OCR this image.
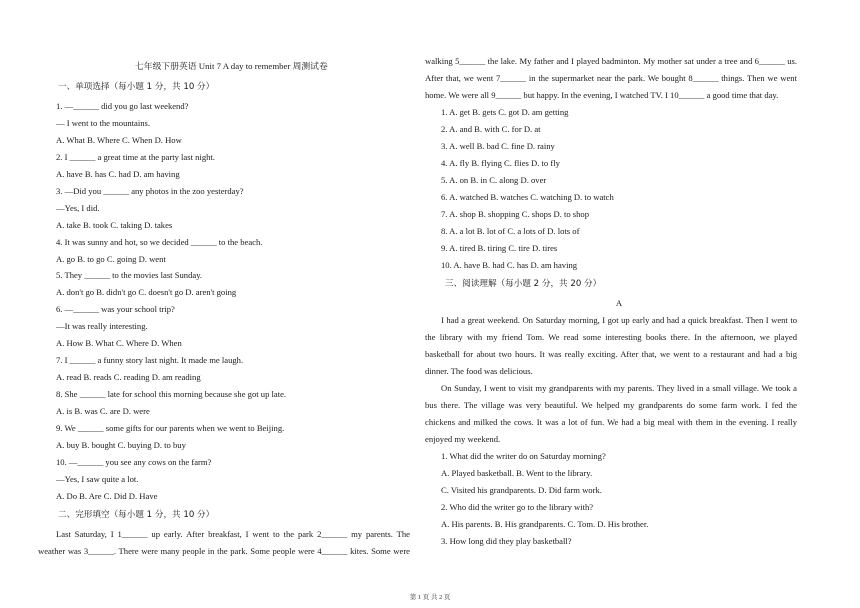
七年级下册英语 Unit 7 A day to remember 周测试卷
一、单项选择（每小题 1 分，共 10 分）
1. —______ did you go last weekend?
— I went to the mountains.
A. What B. Where C. When D. How
2. I ______ a great time at the party last night.
A. have B. has C. had D. am having
3. —Did you ______ any photos in the zoo yesterday?
—Yes, I did.
A. take B. took C. taking D. takes
4. It was sunny and hot, so we decided ______ to the beach.
A. go B. to go C. going D. went
5. They ______ to the movies last Sunday.
A. don't go B. didn't go C. doesn't go D. aren't going
6. —______ was your school trip?
—It was really interesting.
A. How B. What C. Where D. When
7. I ______ a funny story last night. It made me laugh.
A. read B. reads C. reading D. am reading
8. She ______ late for school this morning because she got up late.
A. is B. was C. are D. were
9. We ______ some gifts for our parents when we went to Beijing.
A. buy B. bought C. buying D. to buy
10. —______ you see any cows on the farm?
—Yes, I saw quite a lot.
A. Do B. Are C. Did D. Have
二、完形填空（每小题 1 分，共 10 分）
Last Saturday, I 1______ up early. After breakfast, I went to the park 2______ my parents. The
weather was 3______. There were many people in the park. Some people were 4______ kites. Some were
walking 5______ the lake. My father and I played badminton. My mother sat under a tree and 6______ us.
After that, we went 7______ in the supermarket near the park. We bought 8______ things. Then we went
home. We were all 9______ but happy. In the evening, I watched TV. I 10______ a good time that day.
1. A. get B. gets C. got D. am getting
2. A. and B. with C. for D. at
3. A. well B. bad C. fine D. rainy
4. A. fly B. flying C. flies D. to fly
5. A. on B. in C. along D. over
6. A. watched B. watches C. watching D. to watch
7. A. shop B. shopping C. shops D. to shop
8. A. a lot B. lot of C. a lots of D. lots of
9. A. tired B. tiring C. tire D. tires
10. A. have B. had C. has D. am having
三、阅读理解（每小题 2 分，共 20 分）
A
I had a great weekend. On Saturday morning, I got up early and had a quick breakfast. Then I went to
the library with my friend Tom. We read some interesting books there. In the afternoon, we played
basketball for about two hours. It was really exciting. After that, we went to a restaurant and had a big
dinner. The food was delicious.
On Sunday, I went to visit my grandparents with my parents. They lived in a small village. We took a
bus there. The village was very beautiful. We helped my grandparents do some farm work. I fed the
chickens and milked the cows. It was a lot of fun. We had a big meal with them in the evening. I really
enjoyed my weekend.
1. What did the writer do on Saturday morning?
A. Played basketball. B. Went to the library.
C. Visited his grandparents. D. Did farm work.
2. Who did the writer go to the library with?
A. His parents. B. His grandparents. C. Tom. D. His brother.
3. How long did they play basketball?
第 1 页 共 2 页
